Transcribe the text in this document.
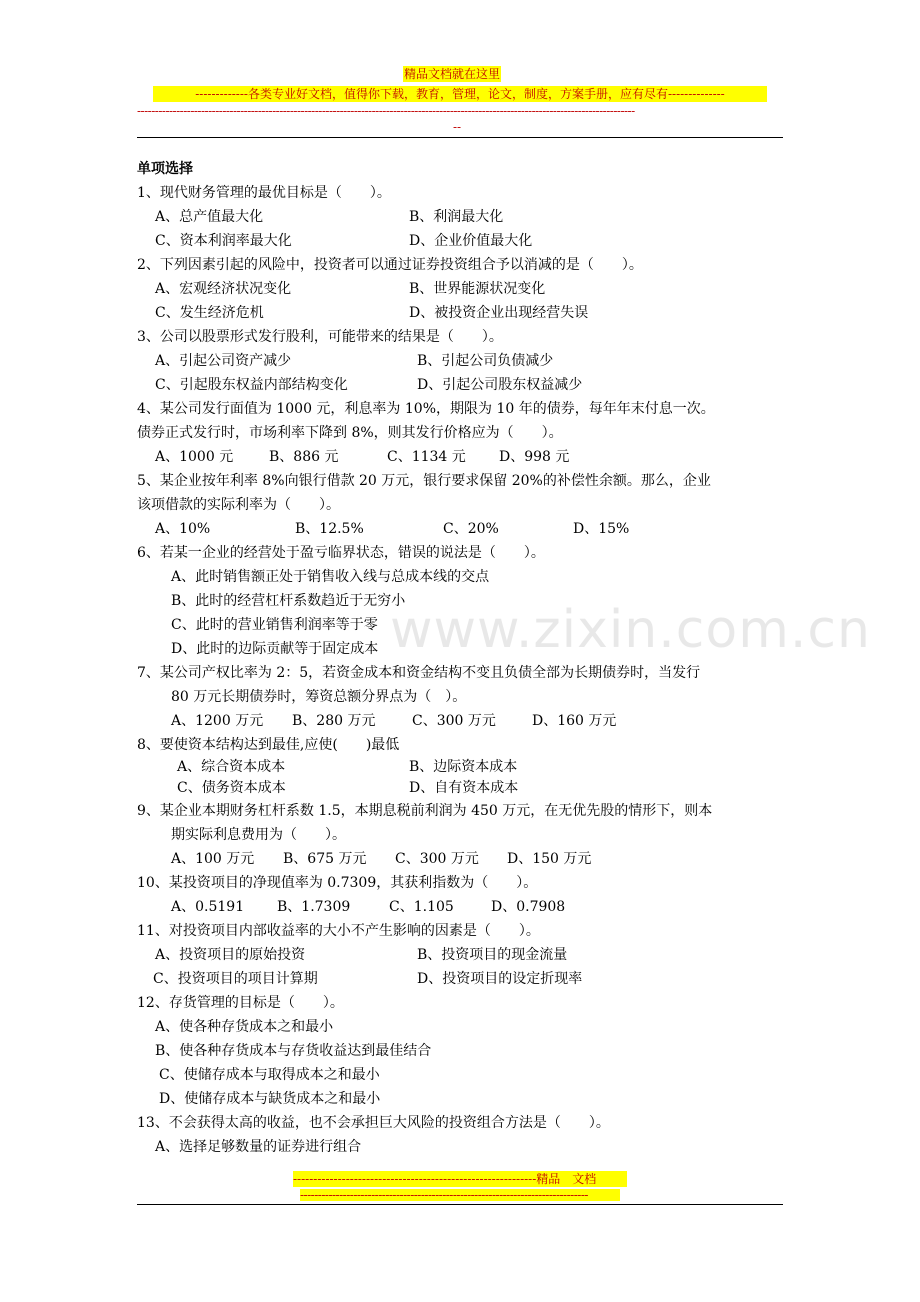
精品文档就在这里
-------------各类专业好文档，值得你下载，教育，管理，论文，制度，方案手册，应有尽有--------------
--------------------------------------------------------------------------------------------------------------------------------------------
--
www.zixin.com.cn
单项选择
1、现代财务管理的最优目标是（　　）。
A、总产值最大化	B、利润最大化
C、资本利润率最大化	D、企业价值最大化
2、下列因素引起的风险中，投资者可以通过证券投资组合予以消减的是（　　）。
A、宏观经济状况变化	B、世界能源状况变化
C、发生经济危机	D、被投资企业出现经营失误
3、公司以股票形式发行股利，可能带来的结果是（　　）。
A、引起公司资产减少	B、引起公司负债减少
C、引起股东权益内部结构变化	D、引起公司股东权益减少
4、某公司发行面值为 1000 元，利息率为 10%，期限为 10 年的债券，每年年末付息一次。
债券正式发行时，市场利率下降到 8%，则其发行价格应为（　　）。
A、1000 元	B、886 元	C、1134 元 D、998 元
5、某企业按年利率 8%向银行借款 20 万元，银行要求保留 20%的补偿性余额。那么，企业
该项借款的实际利率为（　　）。
A、10%	B、12.5%	C、20%	D、15%
6、若某一企业的经营处于盈亏临界状态，错误的说法是（　　）。
A、此时销售额正处于销售收入线与总成本线的交点
B、此时的经营杠杆系数趋近于无穷小
C、此时的营业销售利润率等于零
D、此时的边际贡献等于固定成本
7、某公司产权比率为 2：5，若资金成本和资金结构不变且负债全部为长期债券时，当发行
80 万元长期债券时，筹资总额分界点为（　）。
A、1200 万元 B、280 万元	C、300 万元	D、160 万元
8、要使资本结构达到最佳,应使(　　)最低
A、综合资本成本	B、边际资本成本
C、债务资本成本	D、自有资本成本
9、某企业本期财务杠杆系数 1.5，本期息税前利润为 450 万元，在无优先股的情形下，则本
期实际利息费用为（　　）。
A、100 万元 B、675 万元 C、300 万元 D、150 万元
10、某投资项目的净现值率为 0.7309，其获利指数为（　　）。
A、0.5191 B、1.7309	C、1.105	D、0.7908
11、对投资项目内部收益率的大小不产生影响的因素是（　　）。
A、投资项目的原始投资	B、投资项目的现金流量
C、投资项目的项目计算期	D、投资项目的设定折现率
12、存货管理的目标是（　　）。
A、使各种存货成本之和最小
B、使各种存货成本与存货收益达到最佳结合
C、使储存成本与取得成本之和最小
D、使储存成本与缺货成本之和最小
13、不会获得太高的收益，也不会承担巨大风险的投资组合方法是（　　）。
A、选择足够数量的证券进行组合
------------------------------------------------------------精品　文档
---------------------------------------------------------------------------------
